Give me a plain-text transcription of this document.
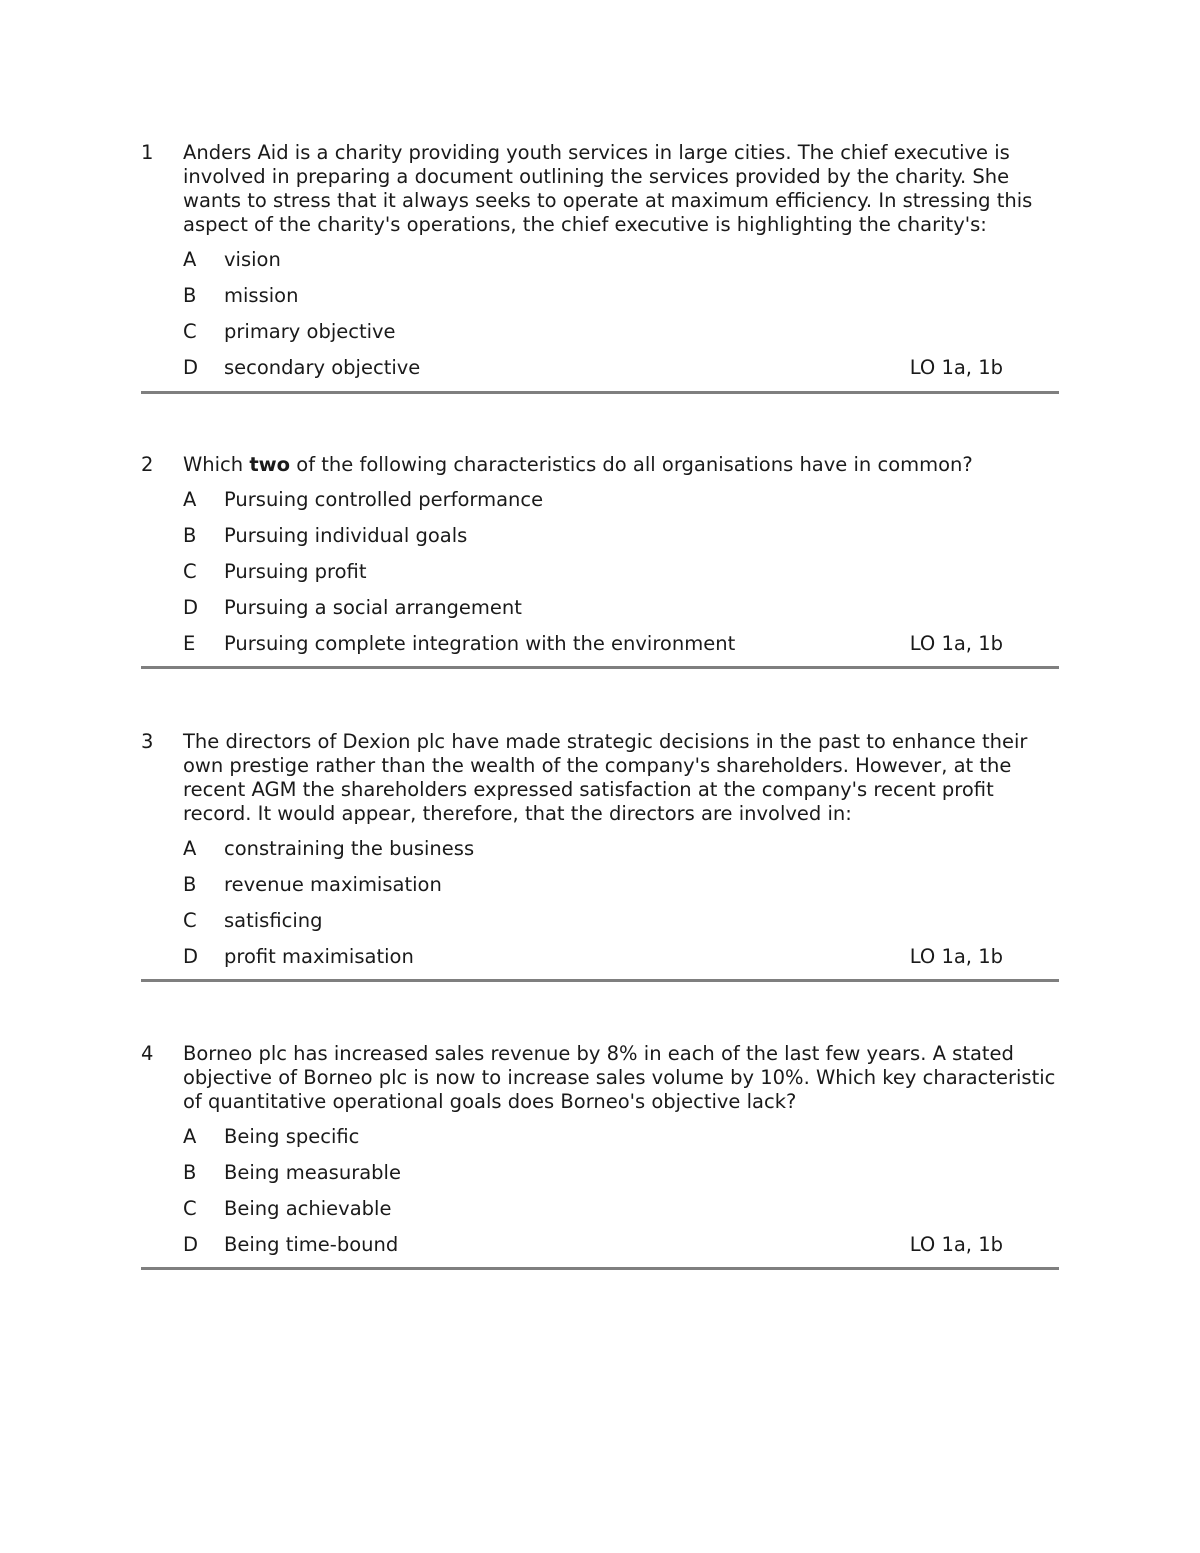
1	Anders Aid is a charity providing youth services in large cities. The chief executive is involved in preparing a document outlining the services provided by the charity. She wants to stress that it always seeks to operate at maximum efficiency. In stressing this aspect of the charity's operations, the chief executive is highlighting the charity's:

A	vision
B	mission
C	primary objective
D	secondary objective	LO 1a, 1b
2	Which two of the following characteristics do all organisations have in common?

A	Pursuing controlled performance
B	Pursuing individual goals
C	Pursuing profit
D	Pursuing a social arrangement
E	Pursuing complete integration with the environment	LO 1a, 1b
3	The directors of Dexion plc have made strategic decisions in the past to enhance their own prestige rather than the wealth of the company's shareholders. However, at the recent AGM the shareholders expressed satisfaction at the company's recent profit record. It would appear, therefore, that the directors are involved in:

A	constraining the business
B	revenue maximisation
C	satisficing
D	profit maximisation	LO 1a, 1b
4	Borneo plc has increased sales revenue by 8% in each of the last few years. A stated objective of Borneo plc is now to increase sales volume by 10%. Which key characteristic of quantitative operational goals does Borneo's objective lack?

A	Being specific
B	Being measurable
C	Being achievable
D	Being time-bound	LO 1a, 1b
